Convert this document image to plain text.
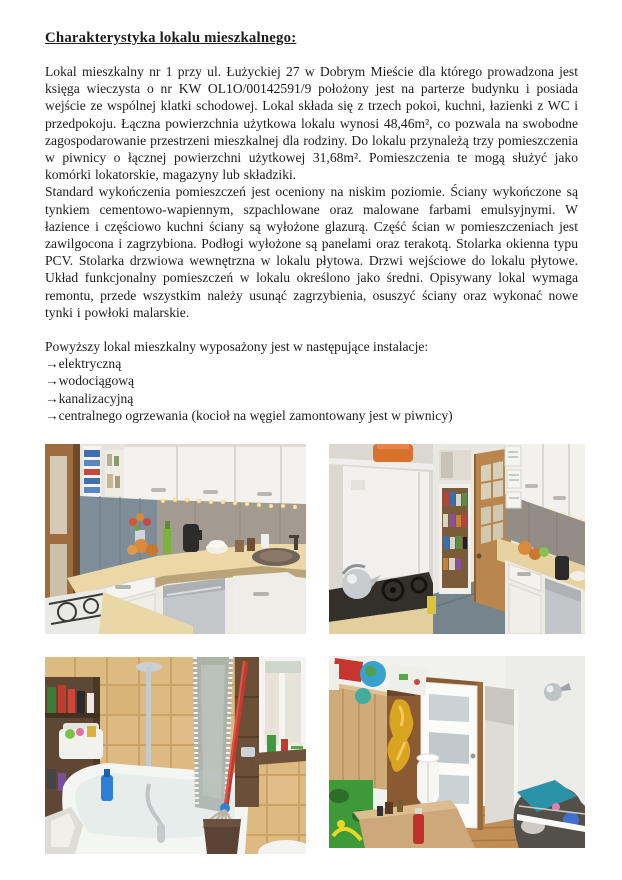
Charakterystyka lokalu mieszkalnego:

Lokal mieszkalny nr 1 przy ul. Łużyckiej 27 w Dobrym Mieście dla którego prowadzona jest księga wieczysta o nr KW OL1O/00142591/9 położony jest na parterze budynku i posiada wejście ze wspólnej klatki schodowej. Lokal składa się z trzech pokoi, kuchni, łazienki z WC i przedpokoju. Łączna powierzchnia użytkowa lokalu wynosi 48,46m², co pozwala na swobodne zagospodarowanie przestrzeni mieszkalnej dla rodziny. Do lokalu przynależą trzy pomieszczenia w piwnicy o łącznej powierzchni użytkowej 31,68m². Pomieszczenia te mogą służyć jako komórki lokatorskie, magazyny lub składziki.

Standard wykończenia pomieszczeń jest oceniony na niskim poziomie. Ściany wykończone są tynkiem cementowo-wapiennym, szpachlowane oraz malowane farbami emulsyjnymi. W łazience i częściowo kuchni ściany są wyłożone glazurą. Część ścian w pomieszczeniach jest zawilgocona i zagrzybiona. Podłogi wyłożone są panelami oraz terakotą. Stolarka okienna typu PCV. Stolarka drzwiowa wewnętrzna w lokalu płytowa. Drzwi wejściowe do lokalu płytowe. Układ funkcjonalny pomieszczeń w lokalu określono jako średni. Opisywany lokal wymaga remontu, przede wszystkim należy usunąć zagrzybienia, osuszyć ściany oraz wykonać nowe tynki i powłoki malarskie.

Powyższy lokal mieszkalny wyposażony jest w następujące instalacje:
→elektryczną
→wodociągową
→kanalizacyjną
→centralnego ogrzewania (kocioł na węgiel zamontowany jest w piwnicy)
